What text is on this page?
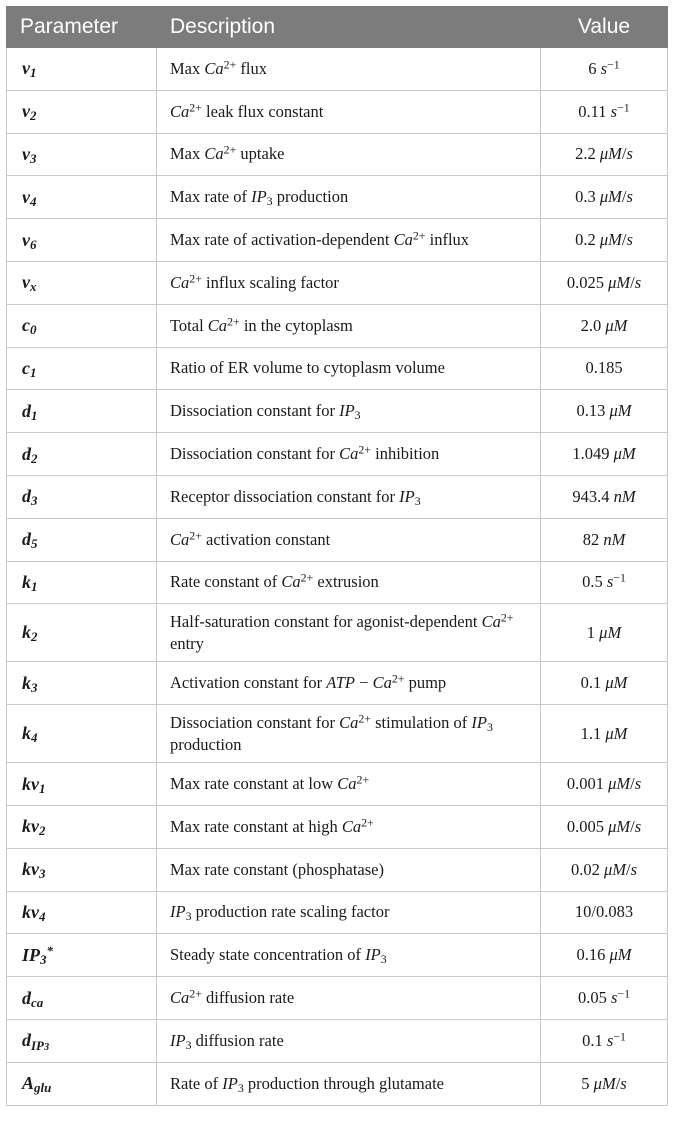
Parameter	Description	Value
$v_1$	Max $Ca^{2+}$ flux	6 $s^{-1}$
$v_2$	$Ca^{2+}$ leak flux constant	0.11 $s^{-1}$
$v_3$	Max $Ca^{2+}$ uptake	2.2 μM/s
$v_4$	Max rate of $IP_3$ production	0.3 μM/s
$v_6$	Max rate of activation-dependent $Ca^{2+}$ influx	0.2 μM/s
$v_x$	$Ca^{2+}$ influx scaling factor	0.025 μM/s
$c_0$	Total $Ca^{2+}$ in the cytoplasm	2.0 μM
$c_1$	Ratio of ER volume to cytoplasm volume	0.185
$d_1$	Dissociation constant for $IP_3$	0.13 μM
$d_2$	Dissociation constant for $Ca^{2+}$ inhibition	1.049 μM
$d_3$	Receptor dissociation constant for $IP_3$	943.4 nM
$d_5$	$Ca^{2+}$ activation constant	82 nM
$k_1$	Rate constant of $Ca^{2+}$ extrusion	0.5 $s^{-1}$
$k_2$	Half-saturation constant for agonist-dependent $Ca^{2+}$ entry	1 μM
$k_3$	Activation constant for ATP − $Ca^{2+}$ pump	0.1 μM
$k_4$	Dissociation constant for $Ca^{2+}$ stimulation of $IP_3$ production	1.1 μM
$kv_1$	Max rate constant at low $Ca^{2+}$	0.001 μM/s
$kv_2$	Max rate constant at high $Ca^{2+}$	0.005 μM/s
$kv_3$	Max rate constant (phosphatase)	0.02 μM/s
$kv_4$	$IP_3$ production rate scaling factor	10/0.083
$IP_3^*$	Steady state concentration of $IP_3$	0.16 μM
$d_{ca}$	$Ca^{2+}$ diffusion rate	0.05 $s^{-1}$
$d_{IP3}$	$IP_3$ diffusion rate	0.1 $s^{-1}$
$A_{glu}$	Rate of $IP_3$ production through glutamate	5 μM/s
